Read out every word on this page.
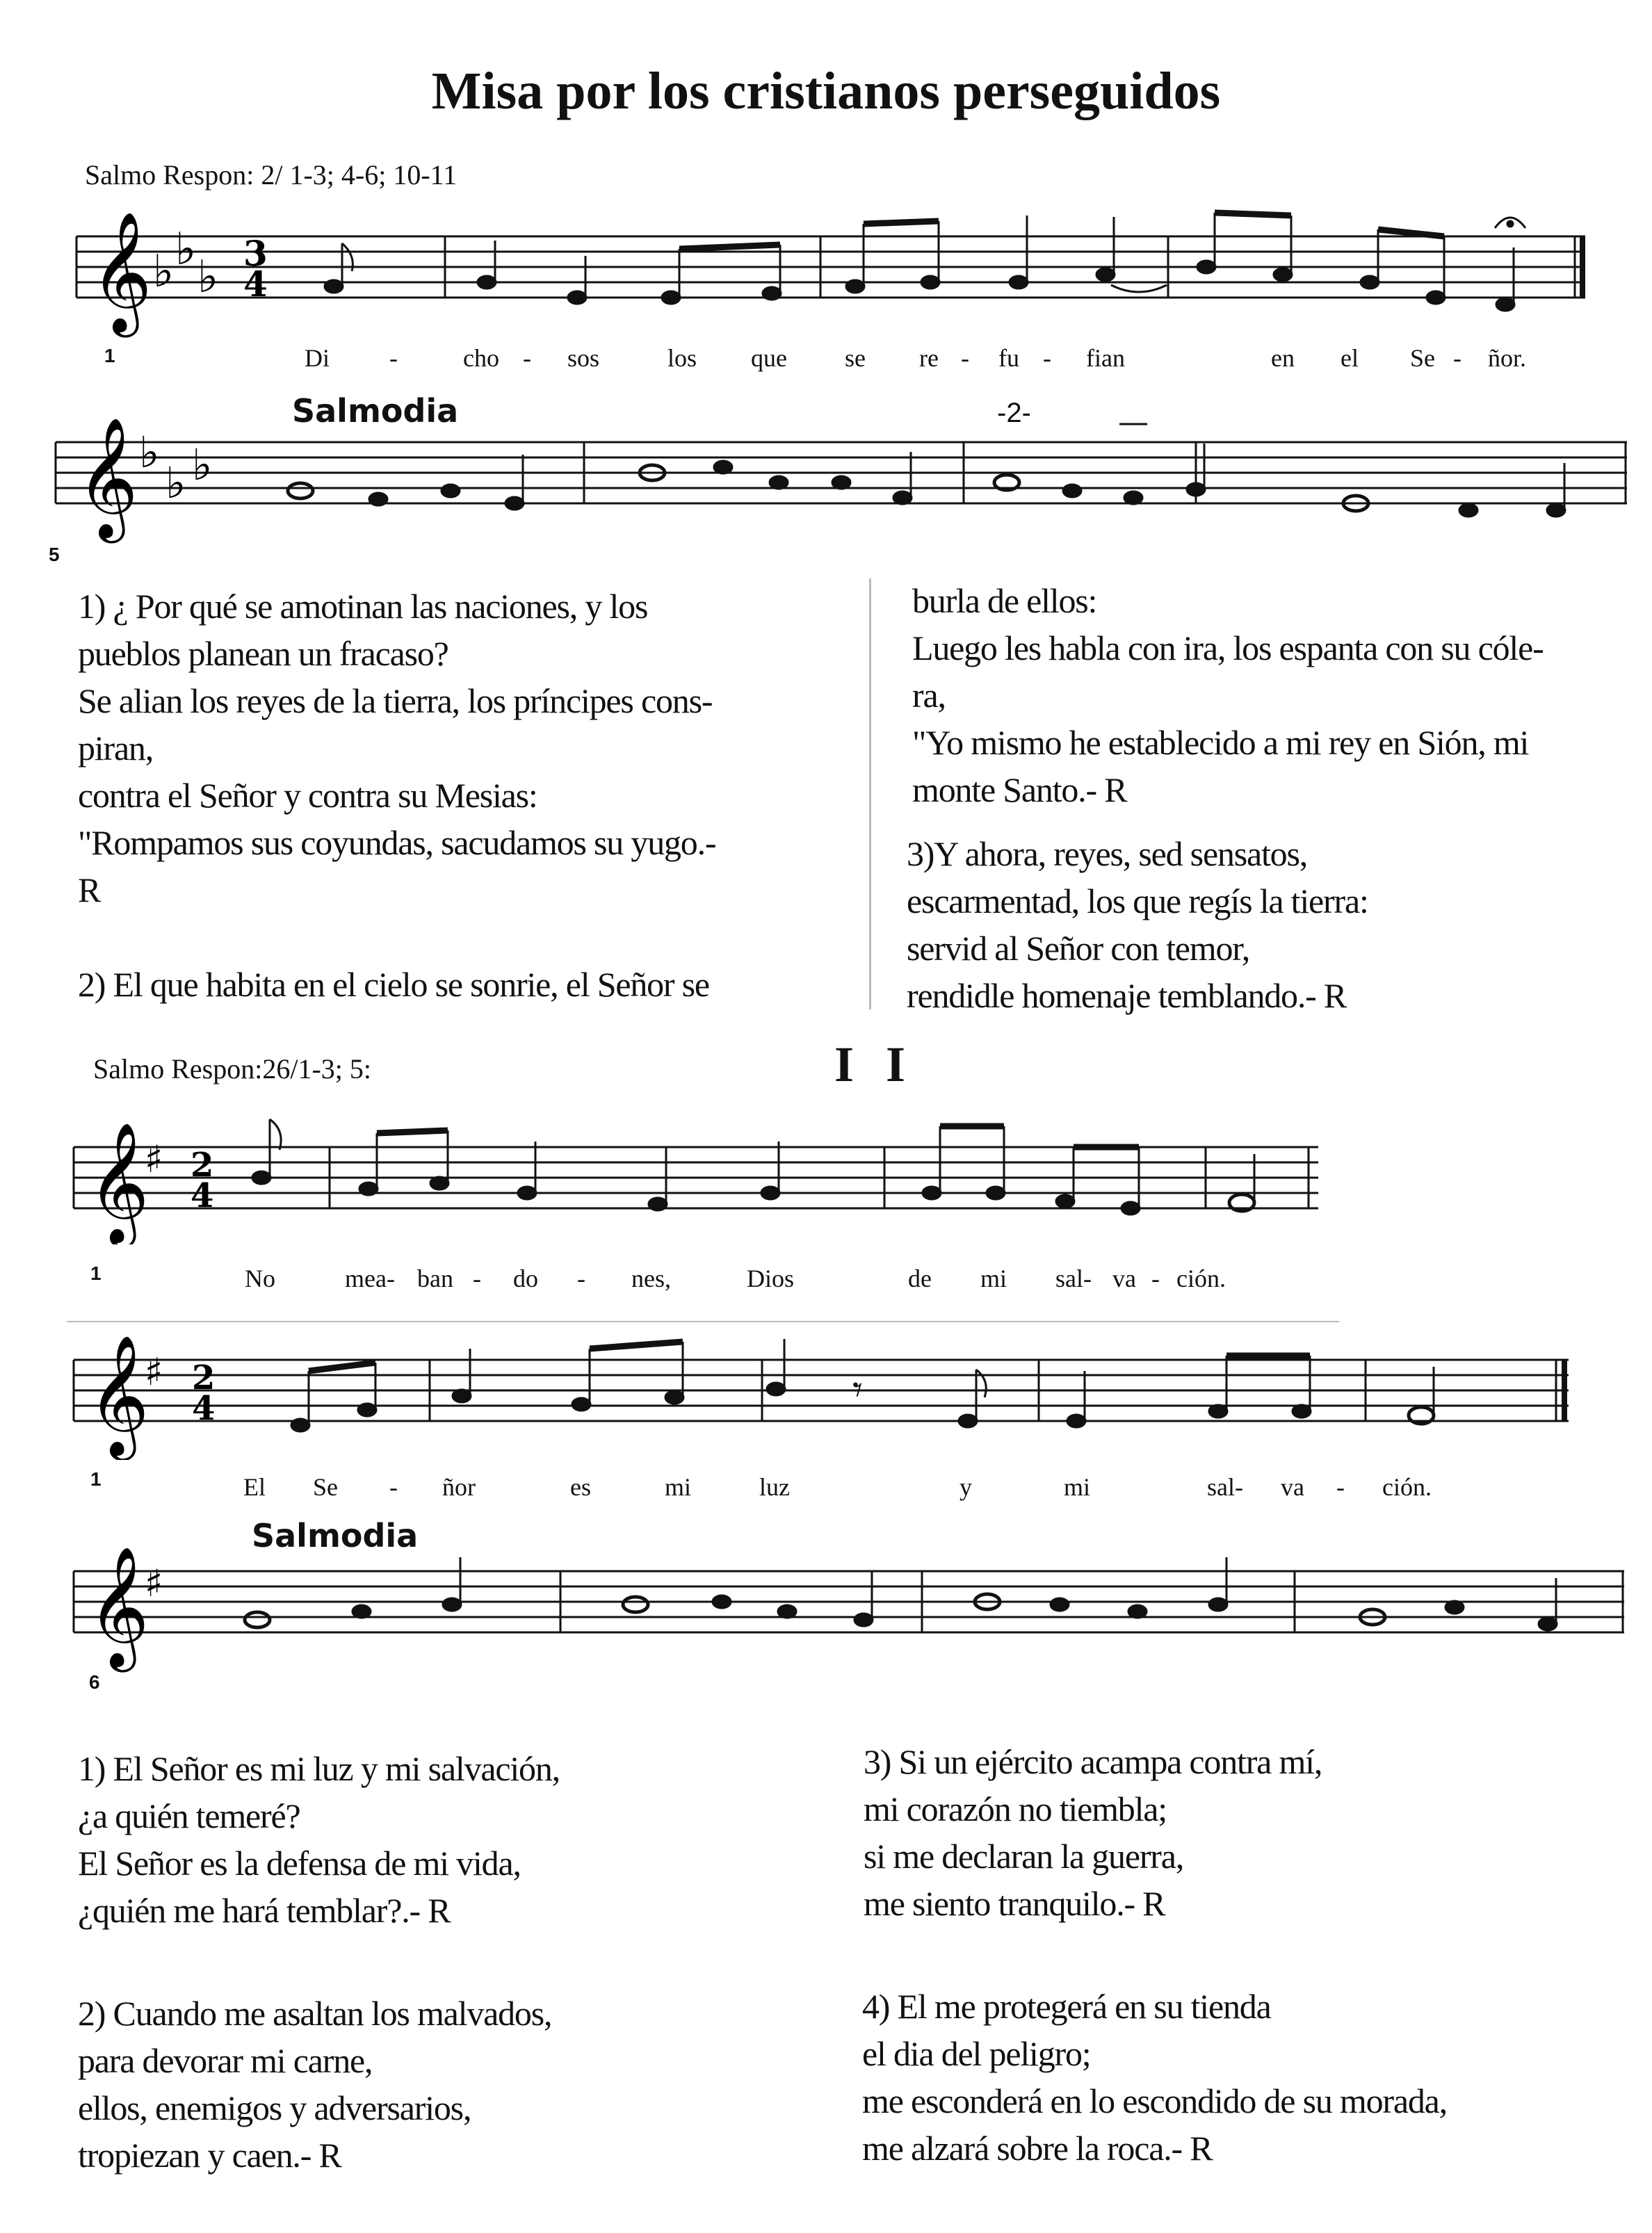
Misa por los cristianos perseguidos
Salmo Respon: 2/ 1-3; 4-6; 10-11
𝄞 ♭ ♭
♭ 3
4
1	Di -	cho - sos	los que se re - fu - fian	en el Se - ñor.
Salmodia	-2-
𝄞 ♭
♭ ♭
5
1) ¿ Por qué se amotinan las naciones, y los
pueblos planean un fracaso?
Se alian los reyes de la tierra, los príncipes cons-
piran,
contra el Señor y contra su Mesias:
"Rompamos sus coyundas, sacudamos su yugo.-
R
2) El que habita en el cielo se sonrie, el Señor se
burla de ellos:
Luego les habla con ira, los espanta con su cóle-
ra,
"Yo mismo he establecido a mi rey en Sión, mi
monte Santo.- R
3)Y ahora, reyes, sed sensatos,
escarmentad, los que regís la tierra:
servid al Señor con temor,
rendidle homenaje temblando.- R
Salmo Respon:26/1-3; 5:	I I
𝄞
♯ 2
4
1	No	mea- ban - do - nes,	Dios	de mi sal- va - ción.
𝄞
♯ 2
4	𝄾
1	El Se - ñor	es	mi	luz	y	mi	sal- va - ción.
Salmodia
𝄞
♯
6
1) El Señor es mi luz y mi salvación,
¿a quién temeré?
El Señor es la defensa de mi vida,
¿quién me hará temblar?.- R
2) Cuando me asaltan los malvados,
para devorar mi carne,
ellos, enemigos y adversarios,
tropiezan y caen.- R
3) Si un ejército acampa contra mí,
mi corazón no tiembla;
si me declaran la guerra,
me siento tranquilo.- R
4) El me protegerá en su tienda
el dia del peligro;
me esconderá en lo escondido de su morada,
me alzará sobre la roca.- R
